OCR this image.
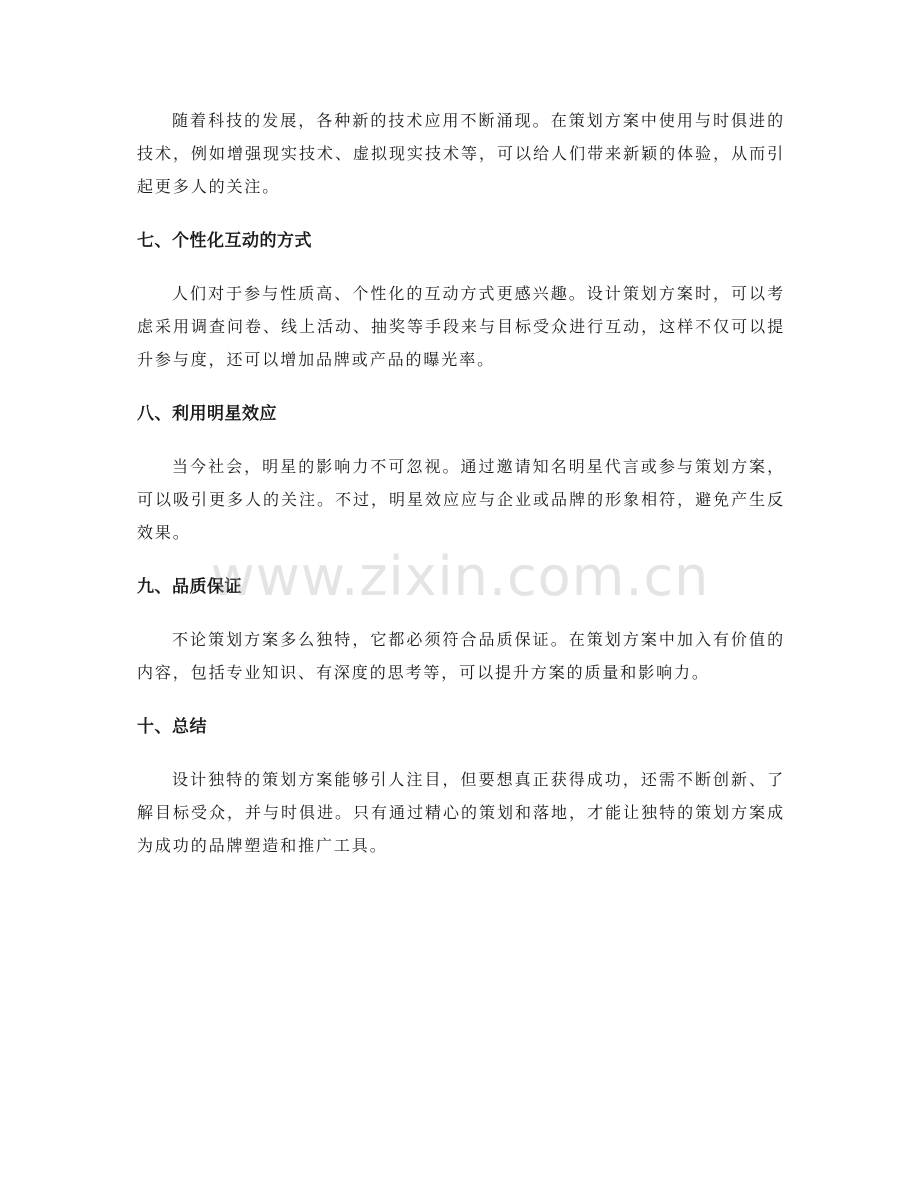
随着科技的发展，各种新的技术应用不断涌现。在策划方案中使用与时俱进的技术，例如增强现实技术、虚拟现实技术等，可以给人们带来新颖的体验，从而引起更多人的关注。

七、个性化互动的方式

人们对于参与性质高、个性化的互动方式更感兴趣。设计策划方案时，可以考虑采用调查问卷、线上活动、抽奖等手段来与目标受众进行互动，这样不仅可以提升参与度，还可以增加品牌或产品的曝光率。

八、利用明星效应

当今社会，明星的影响力不可忽视。通过邀请知名明星代言或参与策划方案，可以吸引更多人的关注。不过，明星效应应与企业或品牌的形象相符，避免产生反效果。

九、品质保证

不论策划方案多么独特，它都必须符合品质保证。在策划方案中加入有价值的内容，包括专业知识、有深度的思考等，可以提升方案的质量和影响力。

十、总结

设计独特的策划方案能够引人注目，但要想真正获得成功，还需不断创新、了解目标受众，并与时俱进。只有通过精心的策划和落地，才能让独特的策划方案成为成功的品牌塑造和推广工具。

www.zixin.com.cn
